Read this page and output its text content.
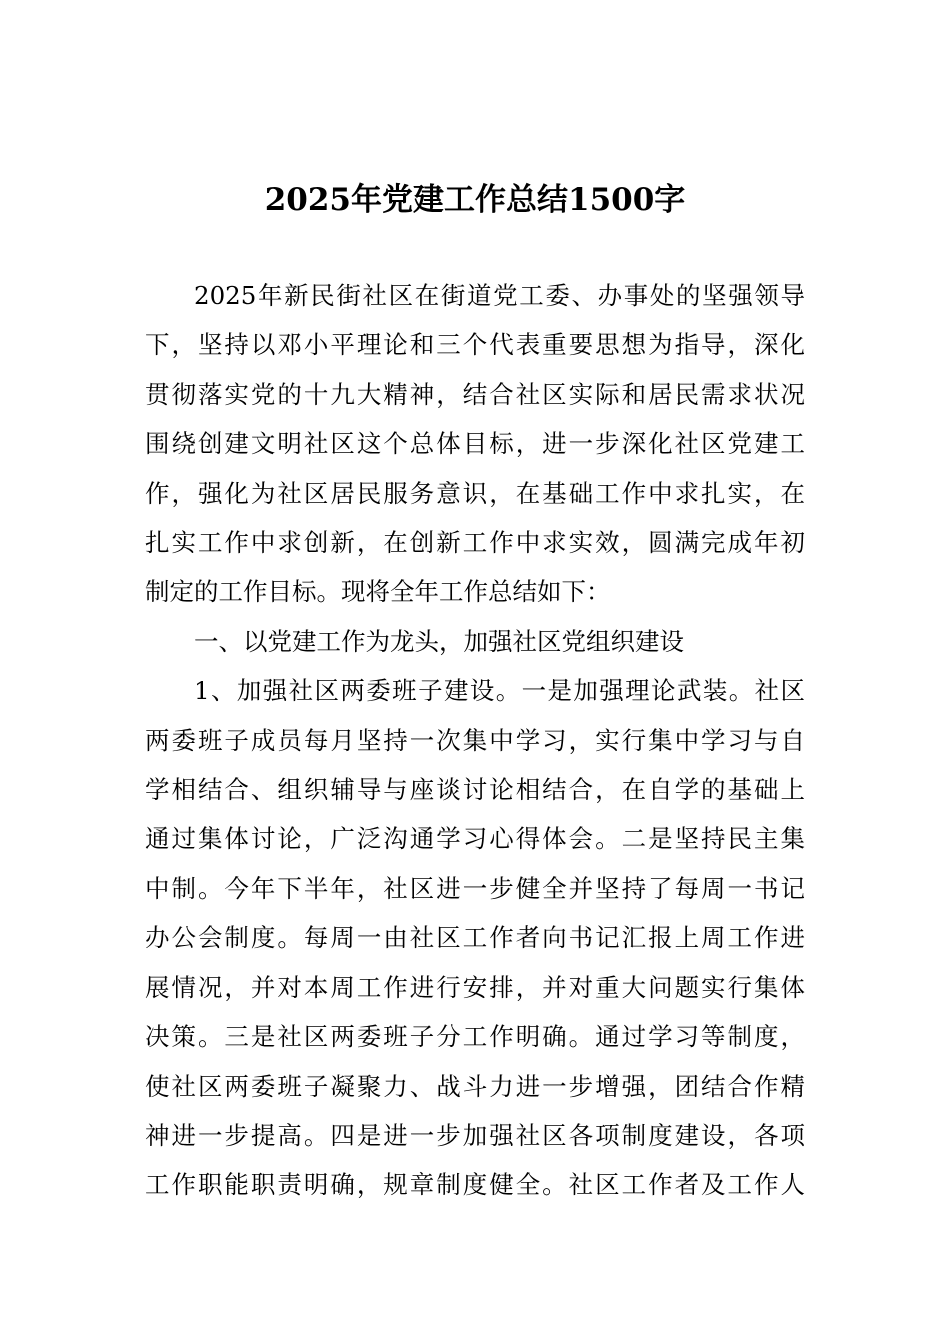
2025年党建工作总结1500字
2025年新民街社区在街道党工委、办事处的坚强领导
下，坚持以邓小平理论和三个代表重要思想为指导，深化
贯彻落实党的十九大精神，结合社区实际和居民需求状况
围绕创建文明社区这个总体目标，进一步深化社区党建工
作，强化为社区居民服务意识，在基础工作中求扎实，在
扎实工作中求创新，在创新工作中求实效，圆满完成年初
制定的工作目标。现将全年工作总结如下：
一、以党建工作为龙头，加强社区党组织建设
1、加强社区两委班子建设。一是加强理论武装。社区
两委班子成员每月坚持一次集中学习，实行集中学习与自
学相结合、组织辅导与座谈讨论相结合，在自学的基础上
通过集体讨论，广泛沟通学习心得体会。二是坚持民主集
中制。今年下半年，社区进一步健全并坚持了每周一书记
办公会制度。每周一由社区工作者向书记汇报上周工作进
展情况，并对本周工作进行安排，并对重大问题实行集体
决策。三是社区两委班子分工作明确。通过学习等制度，
使社区两委班子凝聚力、战斗力进一步增强，团结合作精
神进一步提高。四是进一步加强社区各项制度建设，各项
工作职能职责明确，规章制度健全。社区工作者及工作人
